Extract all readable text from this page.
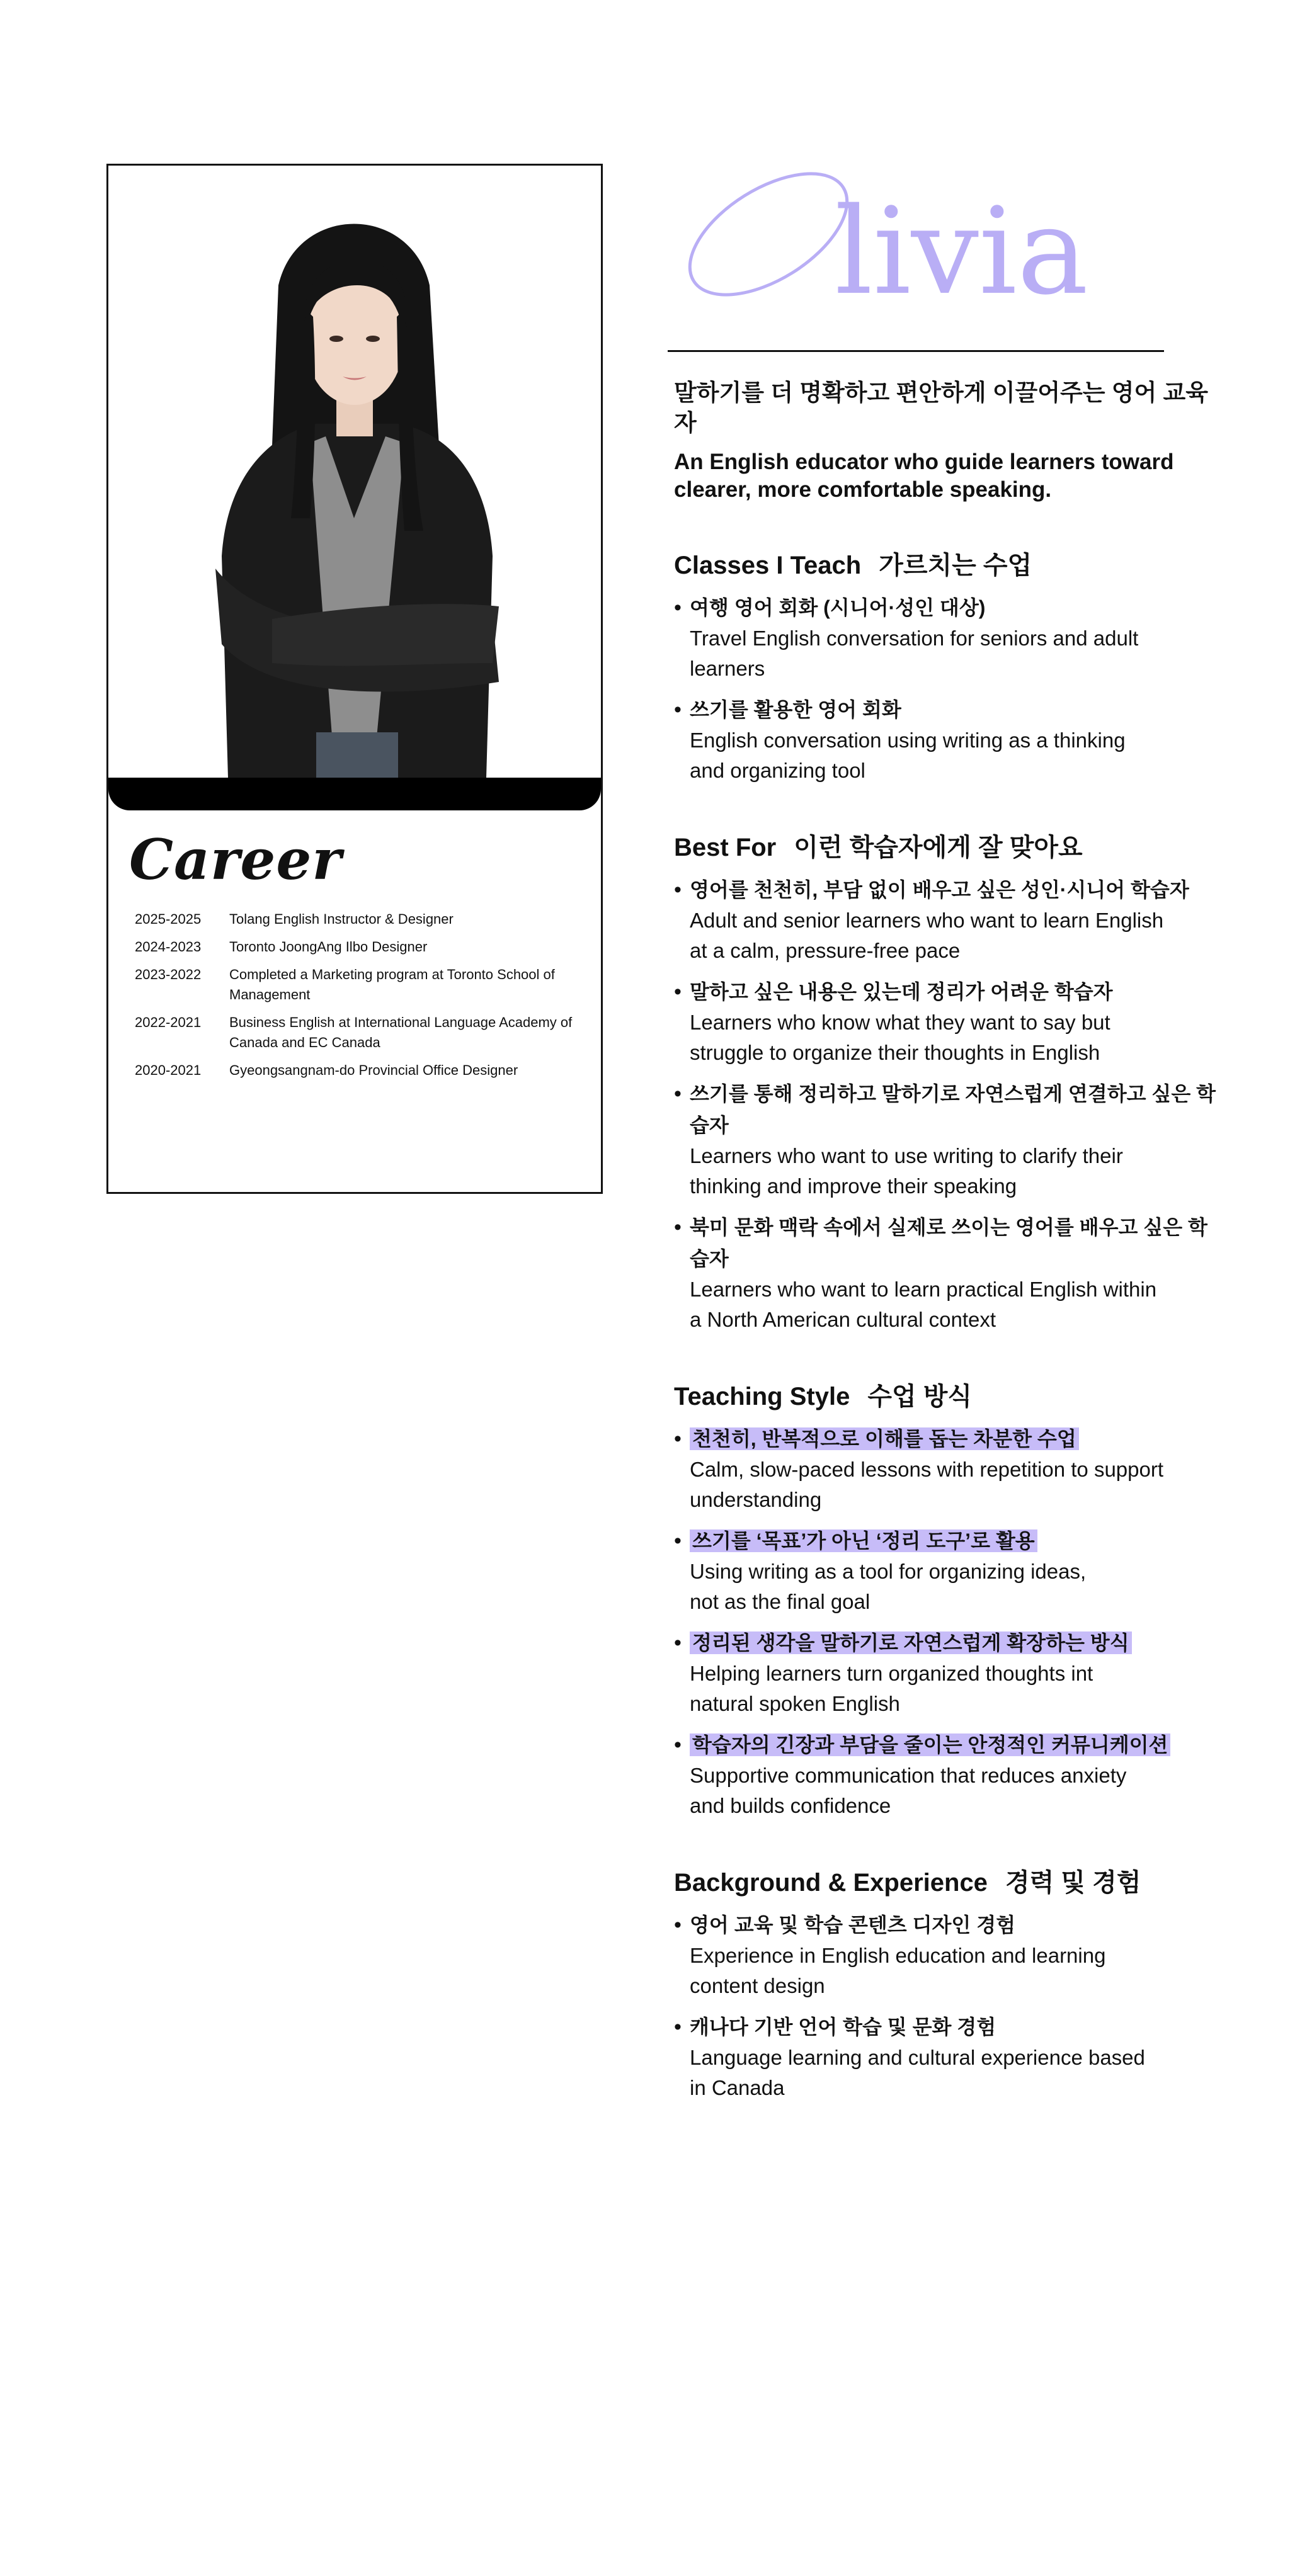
Career
2025-2025	Tolang English Instructor & Designer
2024-2023	Toronto JoongAng Ilbo Designer
2023-2022	Completed a Marketing program at Toronto School of Management
2022-2021	Business English at International Language Academy of Canada and EC Canada
2020-2021	Gyeongsangnam-do Provincial Office Designer
livia

말하기를 더 명확하고 편안하게 이끌어주는 영어 교육자

An English educator who guide learners toward clearer, more comfortable speaking.

Classes I Teach 가르치는 수업
• 여행 영어 회화 (시니어·성인 대상)
Travel English conversation for seniors and adult
learners
• 쓰기를 활용한 영어 회화
English conversation using writing as a thinking
and organizing tool
Best For 이런 학습자에게 잘 맞아요
• 영어를 천천히, 부담 없이 배우고 싶은 성인·시니어 학습자
Adult and senior learners who want to learn English
at a calm, pressure-free pace
• 말하고 싶은 내용은 있는데 정리가 어려운 학습자
Learners who know what they want to say but
struggle to organize their thoughts in English
• 쓰기를 통해 정리하고 말하기로 자연스럽게 연결하고 싶은 학습자
Learners who want to use writing to clarify their
thinking and improve their speaking
• 북미 문화 맥락 속에서 실제로 쓰이는 영어를 배우고 싶은 학습자
Learners who want to learn practical English within
a North American cultural context
Teaching Style 수업 방식
• 천천히, 반복적으로 이해를 돕는 차분한 수업
Calm, slow-paced lessons with repetition to support
understanding
• 쓰기를 ‘목표’가 아닌 ‘정리 도구’로 활용
Using writing as a tool for organizing ideas,
not as the final goal
• 정리된 생각을 말하기로 자연스럽게 확장하는 방식
Helping learners turn organized thoughts int
natural spoken English
• 학습자의 긴장과 부담을 줄이는 안정적인 커뮤니케이션
Supportive communication that reduces anxiety
and builds confidence
Background & Experience 경력 및 경험
• 영어 교육 및 학습 콘텐츠 디자인 경험
Experience in English education and learning
content design
• 캐나다 기반 언어 학습 및 문화 경험
Language learning and cultural experience based
in Canada
